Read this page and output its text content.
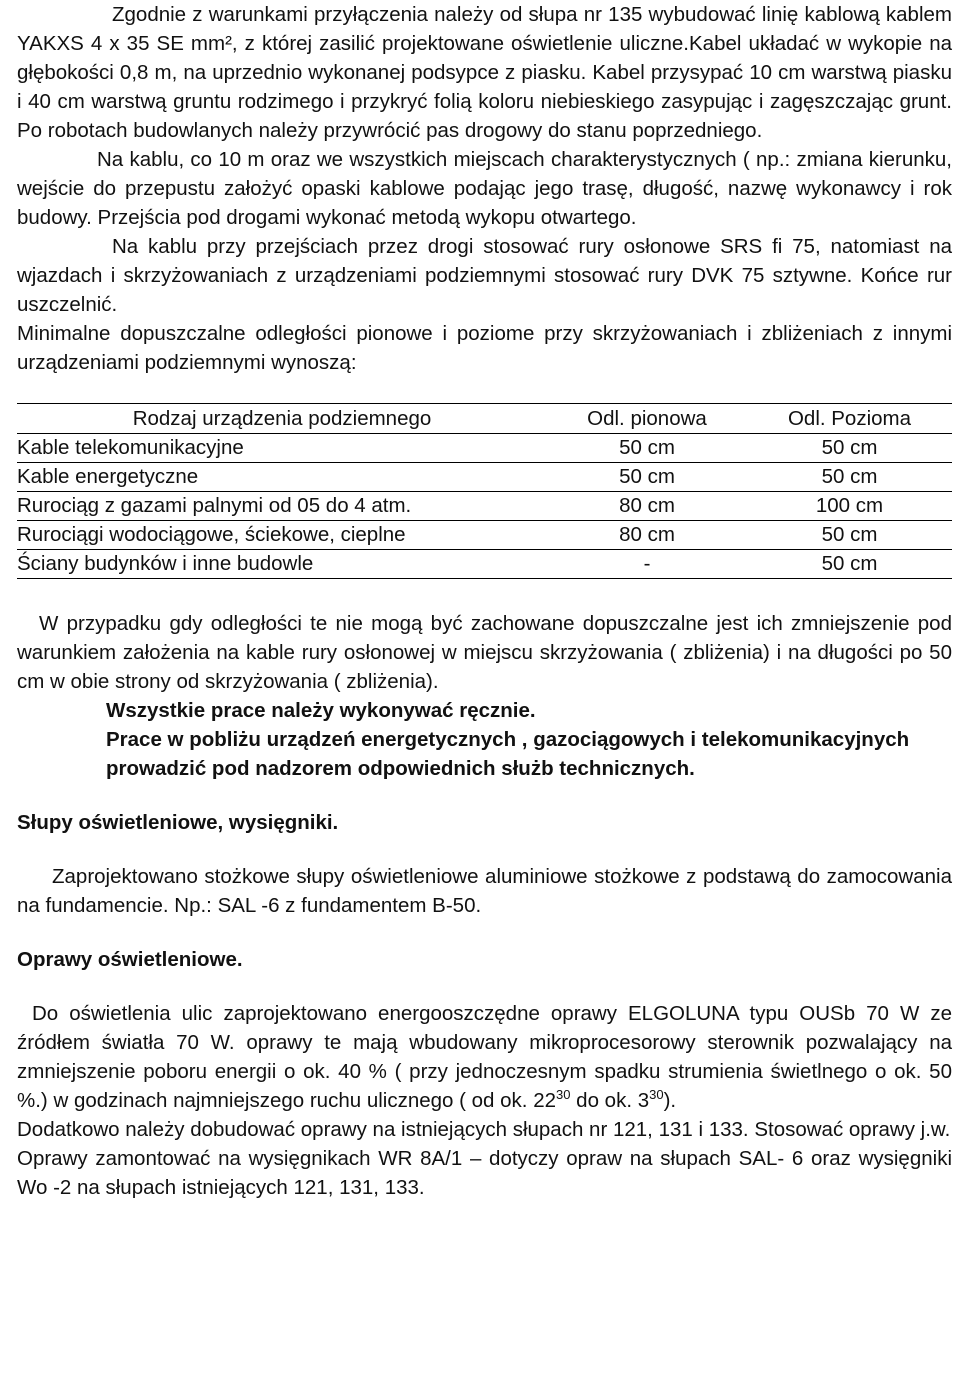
Zgodnie z warunkami przyłączenia należy od słupa nr 135 wybudować linię kablową kablem YAKXS 4 x 35 SE mm², z której zasilić projektowane oświetlenie uliczne.Kabel układać w wykopie na głębokości 0,8 m, na uprzednio wykonanej podsypce z piasku. Kabel przysypać 10 cm warstwą piasku i 40 cm warstwą gruntu rodzimego i przykryć folią koloru niebieskiego zasypując i zagęszczając grunt. Po robotach budowlanych należy przywrócić pas drogowy do stanu poprzedniego.

Na kablu, co 10 m oraz we wszystkich miejscach charakterystycznych ( np.: zmiana kierunku, wejście do przepustu założyć opaski kablowe podając jego trasę, długość, nazwę wykonawcy i rok budowy. Przejścia pod drogami wykonać metodą wykopu otwartego.

Na kablu przy przejściach przez drogi stosować rury osłonowe SRS fi 75, natomiast na wjazdach i skrzyżowaniach z urządzeniami podziemnymi stosować rury DVK 75 sztywne. Końce rur uszczelnić.

Minimalne dopuszczalne odległości pionowe i poziome przy skrzyżowaniach i zbliżeniach z innymi urządzeniami podziemnymi wynoszą:

Rodzaj urządzenia podziemnego	Odl. pionowa	Odl. Pozioma
Kable telekomunikacyjne	50 cm	50 cm
Kable energetyczne	50 cm	50 cm
Rurociąg z gazami palnymi od 05 do 4 atm.	80 cm	100 cm
Rurociągi wodociągowe, ściekowe, cieplne	80 cm	50 cm
Ściany budynków i inne budowle	-	50 cm

W przypadku gdy odległości te nie mogą być zachowane dopuszczalne jest ich zmniejszenie pod warunkiem założenia na kable rury osłonowej w miejscu skrzyżowania ( zbliżenia) i na długości po 50 cm w obie strony od skrzyżowania ( zbliżenia).

Wszystkie prace należy wykonywać ręcznie.

Prace w pobliżu urządzeń energetycznych , gazociągowych i telekomunikacyjnych prowadzić pod nadzorem odpowiednich służb technicznych.

Słupy oświetleniowe, wysięgniki.

Zaprojektowano stożkowe słupy oświetleniowe aluminiowe stożkowe z podstawą do zamocowania na fundamencie. Np.: SAL -6 z fundamentem B-50.

Oprawy oświetleniowe.

Do oświetlenia ulic zaprojektowano energooszczędne oprawy ELGOLUNA typu OUSb 70 W ze źródłem światła 70 W. oprawy te mają wbudowany mikroprocesorowy sterownik pozwalający na zmniejszenie poboru energii o ok. 40 % ( przy jednoczesnym spadku strumienia świetlnego o ok. 50 %.) w godzinach najmniejszego ruchu ulicznego ( od ok. $22^{30}$ do ok. $3^{30}$).

Dodatkowo należy dobudować oprawy na istniejących słupach nr 121, 131 i 133. Stosować oprawy j.w.

Oprawy zamontować na wysięgnikach WR 8A/1 – dotyczy opraw na słupach SAL- 6 oraz wysięgniki Wo -2 na słupach istniejących 121, 131, 133.
